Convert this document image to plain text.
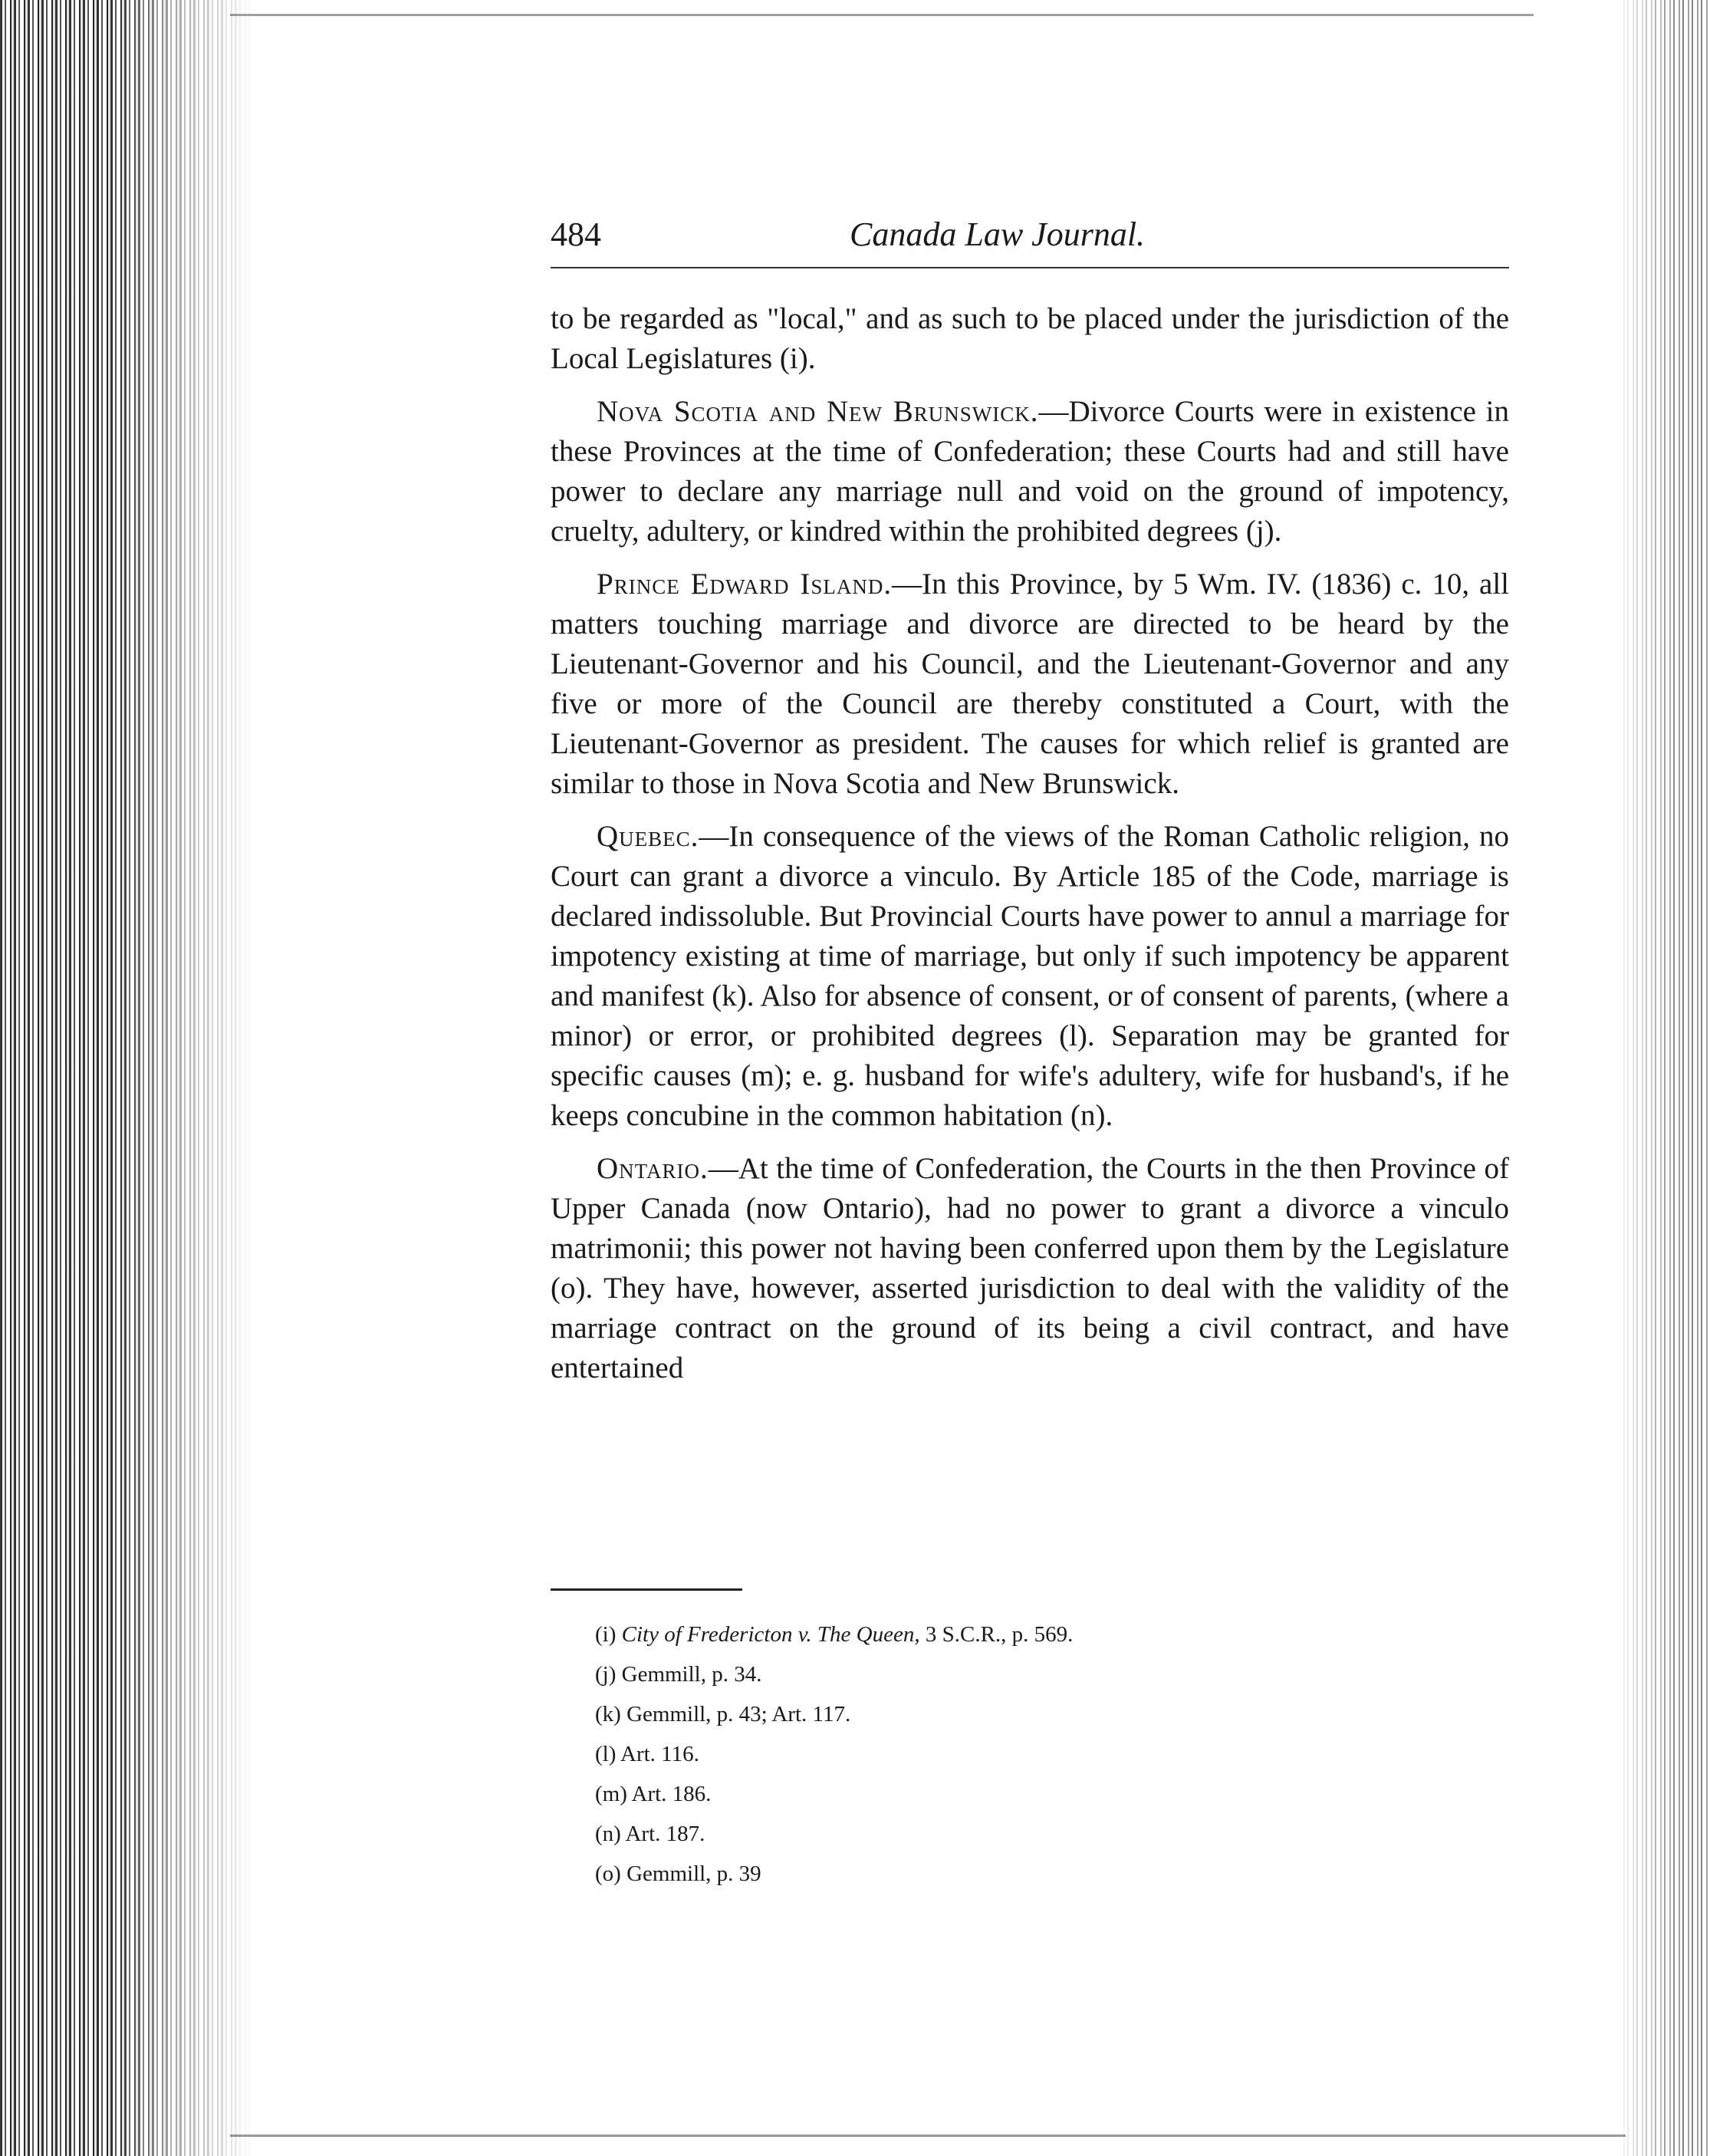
484	Canada Law Journal.

to be regarded as "local," and as such to be placed under the jurisdiction of the Local Legislatures (i).

Nova Scotia and New Brunswick.—Divorce Courts were in existence in these Provinces at the time of Confederation; these Courts had and still have power to declare any marriage null and void on the ground of impotency, cruelty, adultery, or kindred within the prohibited degrees (j).

Prince Edward Island.—In this Province, by 5 Wm. IV. (1836) c. 10, all matters touching marriage and divorce are directed to be heard by the Lieutenant-Governor and his Council, and the Lieutenant-Governor and any five or more of the Council are thereby constituted a Court, with the Lieutenant-Governor as president. The causes for which relief is granted are similar to those in Nova Scotia and New Brunswick.

Quebec.—In consequence of the views of the Roman Catholic religion, no Court can grant a divorce a vinculo. By Article 185 of the Code, marriage is declared indissoluble. But Provincial Courts have power to annul a marriage for impotency existing at time of marriage, but only if such impotency be apparent and manifest (k). Also for absence of consent, or of consent of parents, (where a minor) or error, or prohibited degrees (l). Separation may be granted for specific causes (m); e. g. husband for wife's adultery, wife for husband's, if he keeps concubine in the common habitation (n).

Ontario.—At the time of Confederation, the Courts in the then Province of Upper Canada (now Ontario), had no power to grant a divorce a vinculo matrimonii; this power not having been conferred upon them by the Legislature (o). They have, however, asserted jurisdiction to deal with the validity of the marriage contract on the ground of its being a civil contract, and have entertained

(i) City of Fredericton v. The Queen, 3 S.C.R., p. 569.
(j) Gemmill, p. 34.
(k) Gemmill, p. 43; Art. 117.
(l) Art. 116.
(m) Art. 186.
(n) Art. 187.
(o) Gemmill, p. 39
